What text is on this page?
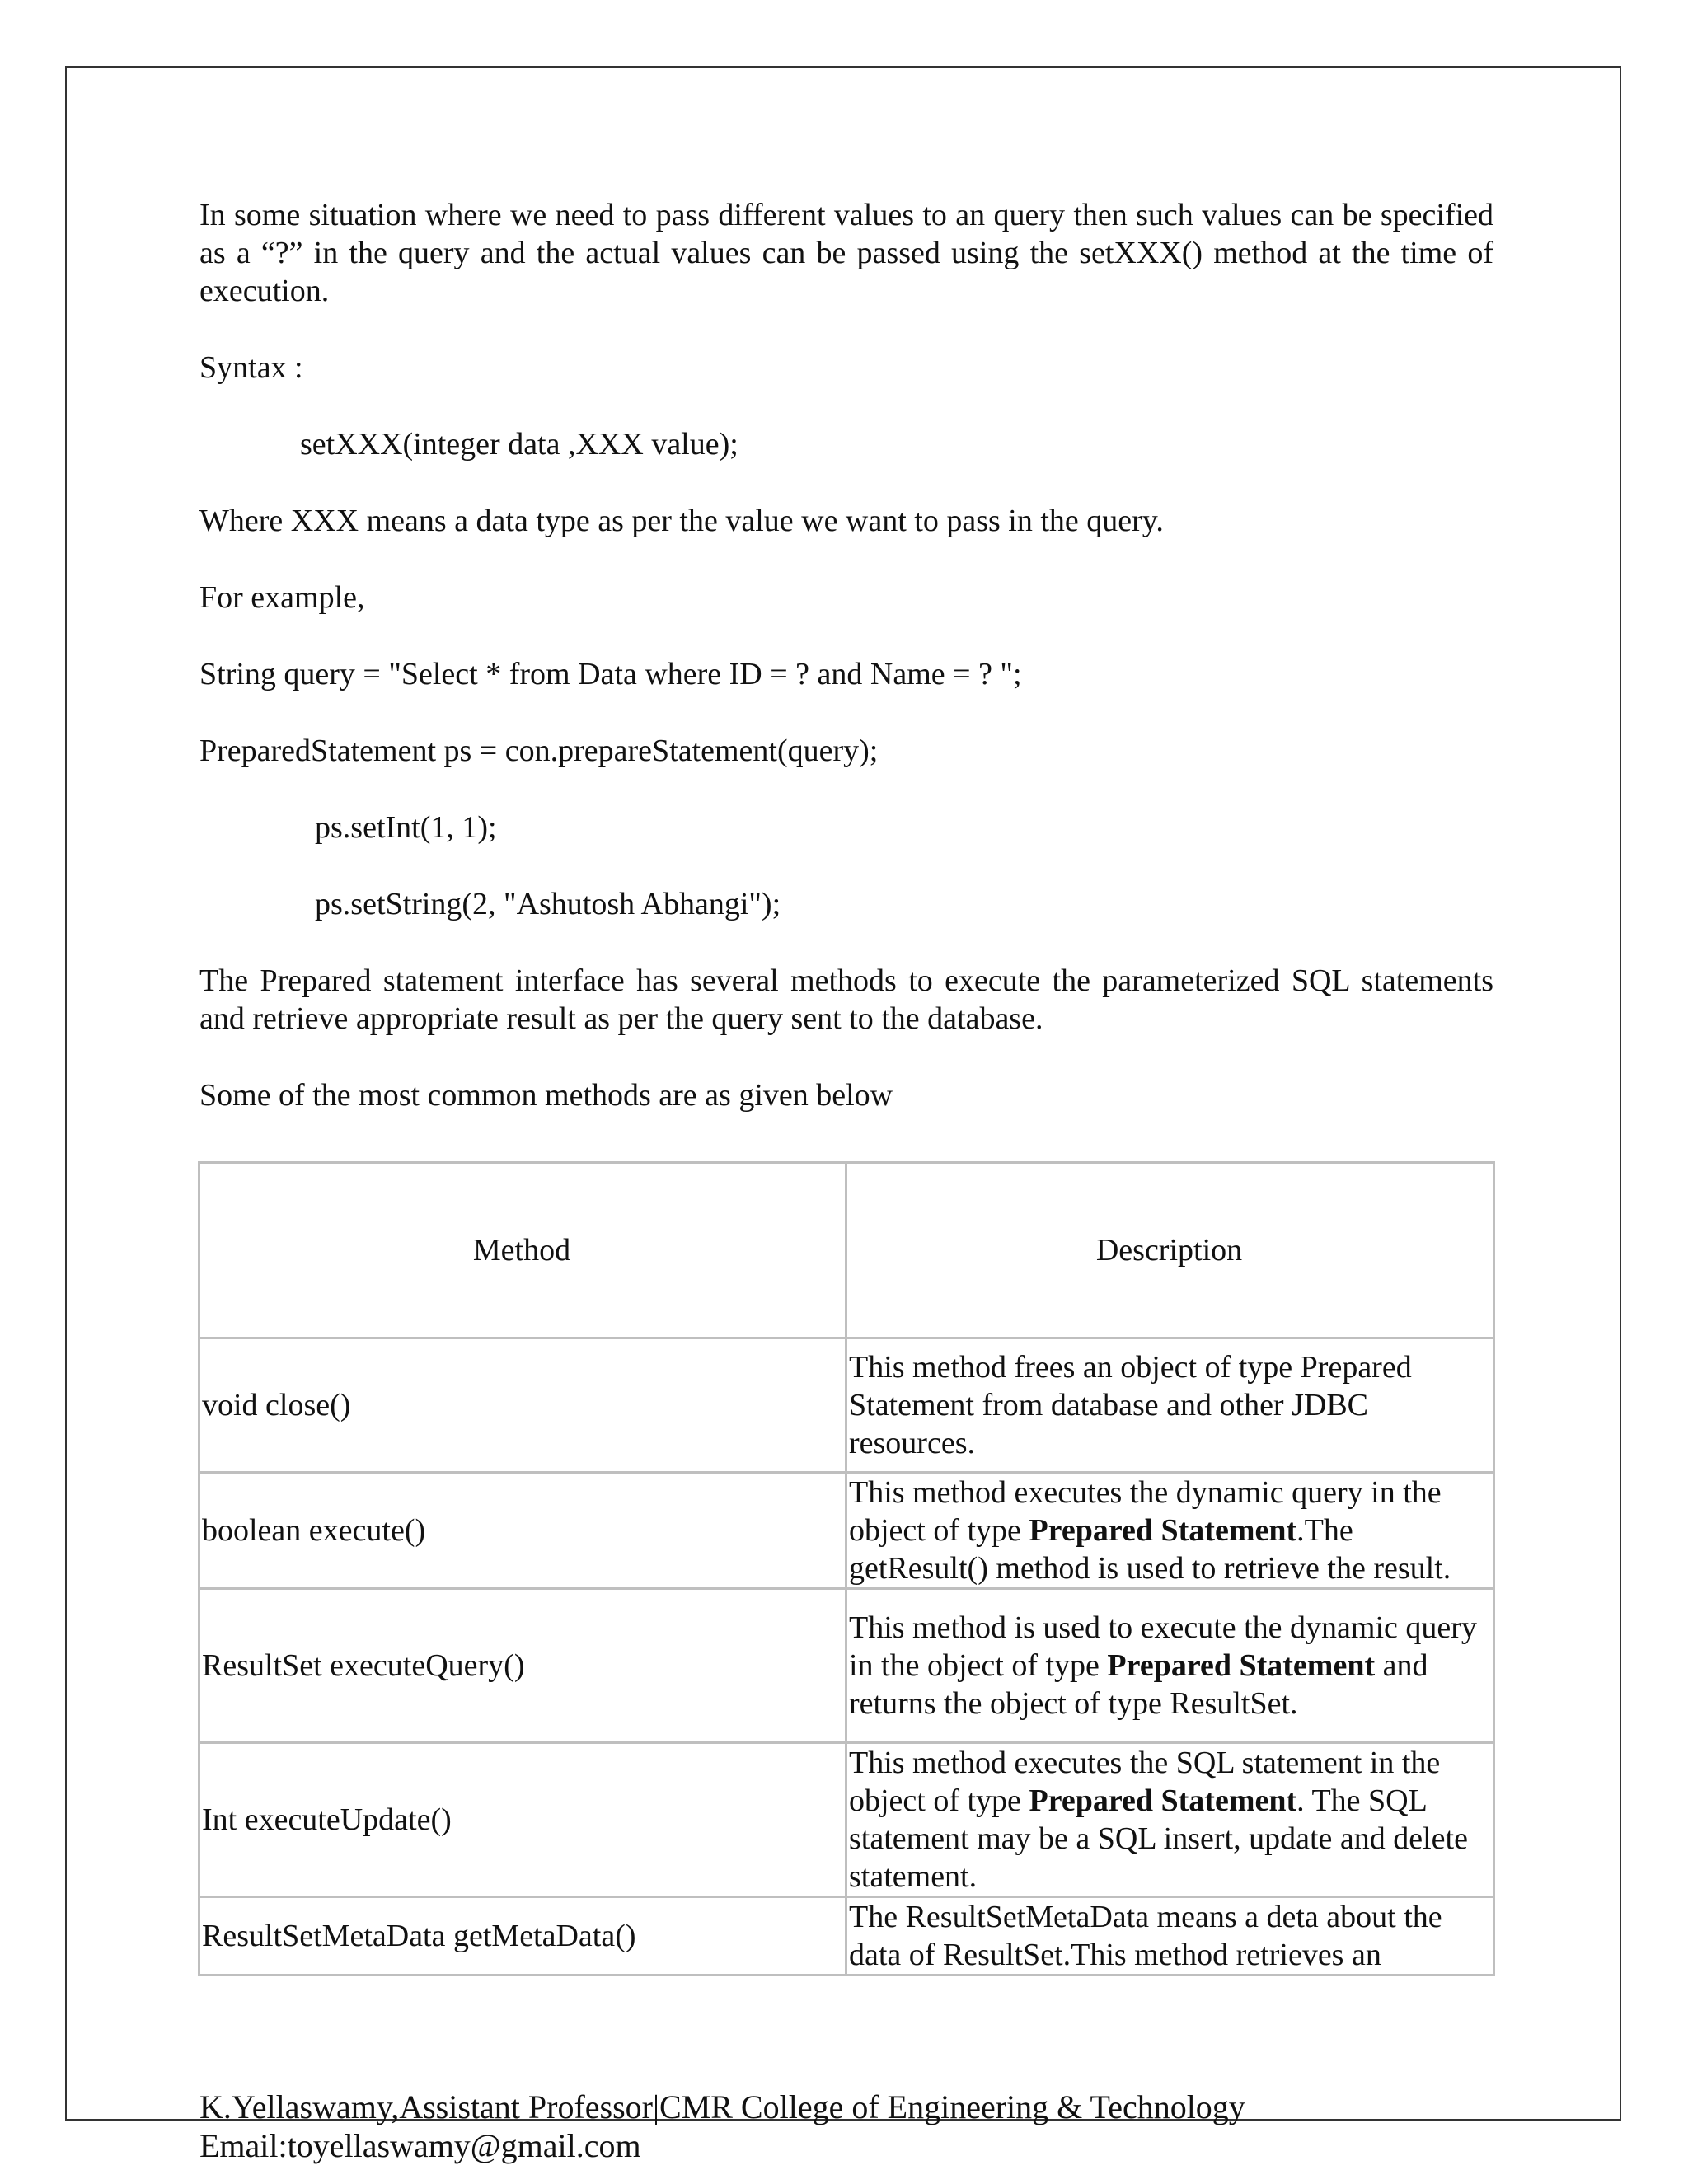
In some situation where we need to pass different values to an query then such values can be specified as a “?” in the query and the actual values can be passed using the setXXX() method at the time of execution.

Syntax :

setXXX(integer data ,XXX value);

Where XXX means a data type as per the value we want to pass in the query.

For example,

String query = "Select * from Data where ID = ? and Name = ? ";

PreparedStatement ps = con.prepareStatement(query);

ps.setInt(1, 1);

ps.setString(2, "Ashutosh Abhangi");

The Prepared statement interface has several methods to execute the parameterized SQL statements and retrieve appropriate result as per the query sent to the database.

Some of the most common methods are as given below

Method	Description
void close()	This method frees an object of type Prepared Statement from database and other JDBC resources.
boolean execute()	This method executes the dynamic query in the object of type Prepared Statement.The getResult() method is used to retrieve the result.
ResultSet executeQuery()	This method is used to execute the dynamic query in the object of type Prepared Statement and returns the object of type ResultSet.
Int executeUpdate()	This method executes the SQL statement in the object of type Prepared Statement. The SQL statement may be a SQL insert, update and delete statement.
ResultSetMetaData getMetaData()	The ResultSetMetaData means a deta about the data of ResultSet.This method retrieves an
K.Yellaswamy,Assistant Professor|CMR College of Engineering & Technology
Email:toyellaswamy@gmail.com
